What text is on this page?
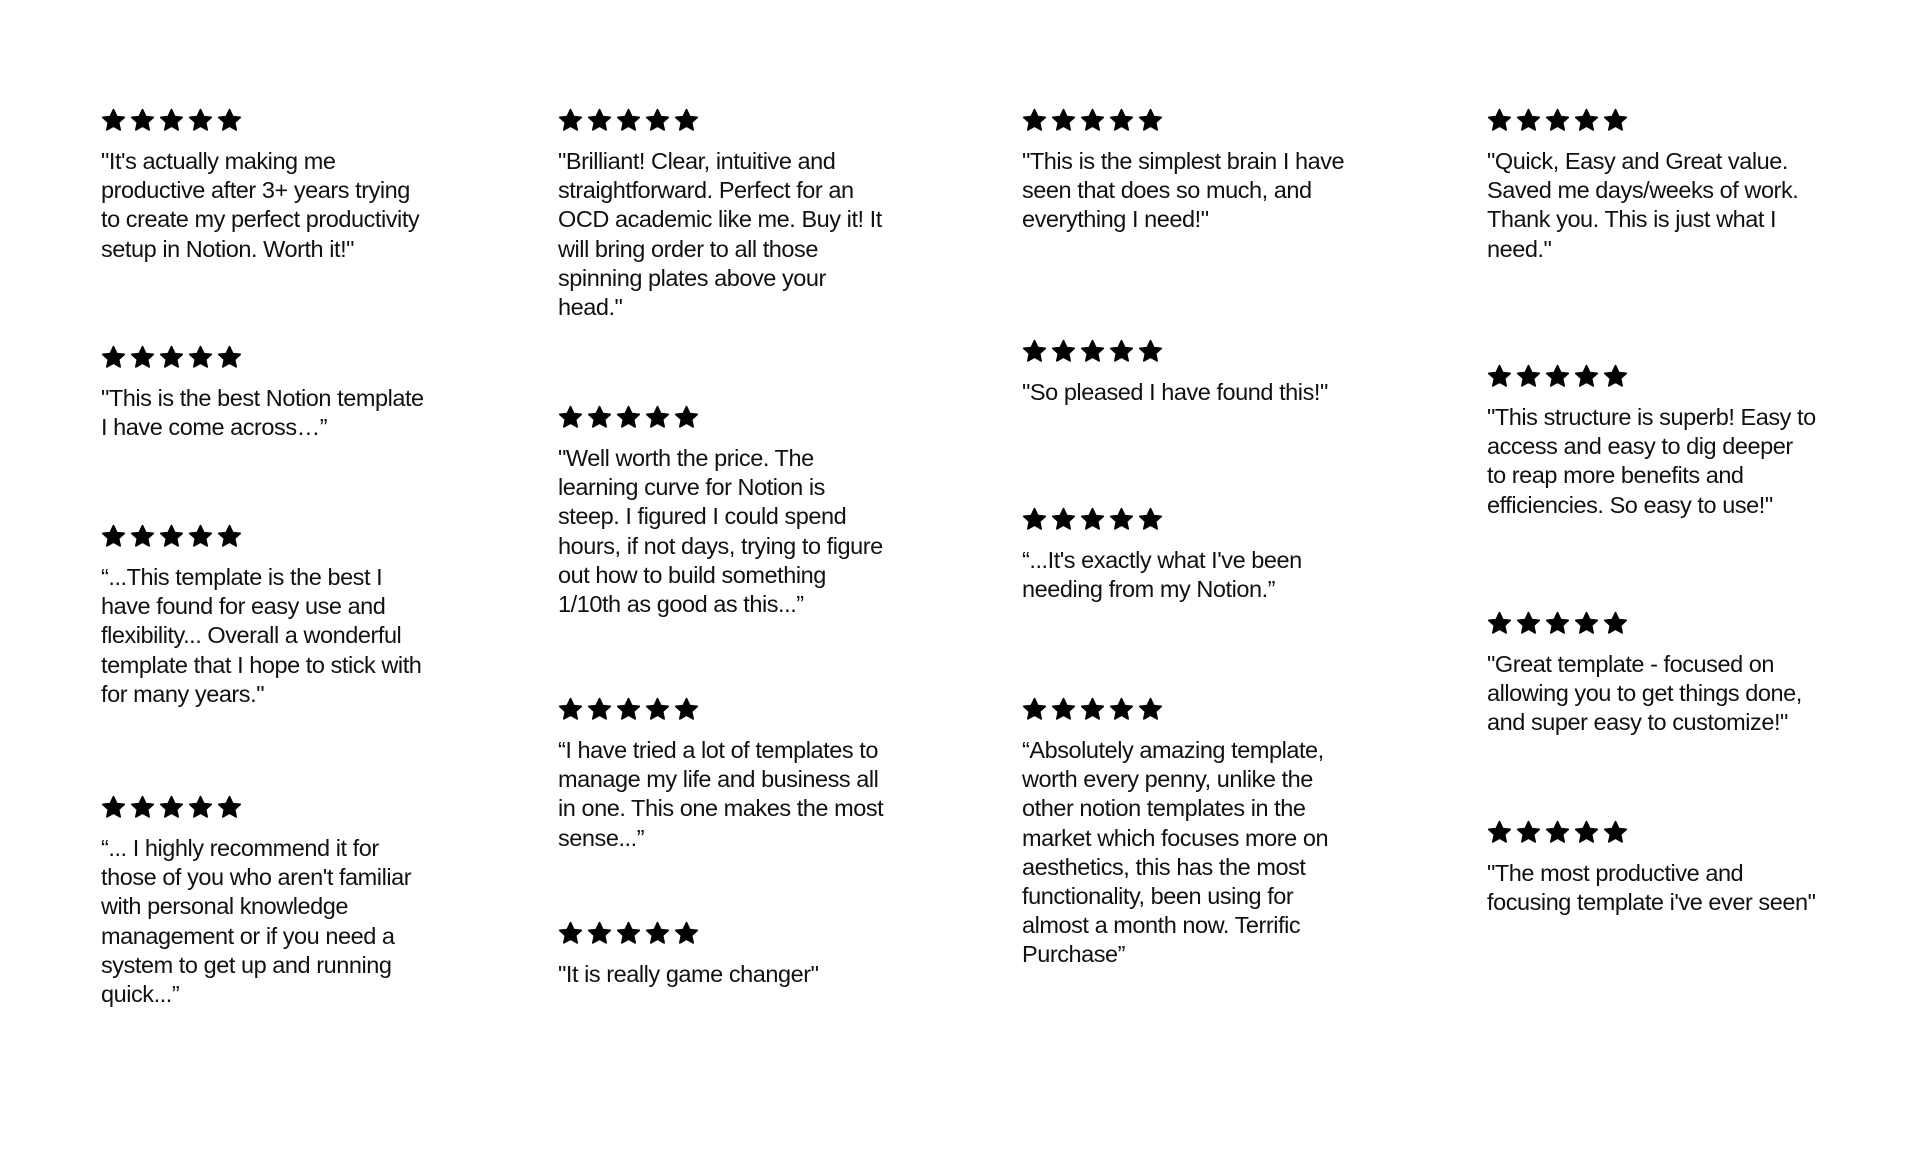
"It's actually making me
productive after 3+ years trying
to create my perfect productivity
setup in Notion. Worth it!"

"This is the best Notion template
I have come across…”

“...This template is the best I
have found for easy use and
flexibility... Overall a wonderful
template that I hope to stick with
for many years."

“... I highly recommend it for
those of you who aren't familiar
with personal knowledge
management or if you need a
system to get up and running
quick...”

"Brilliant! Clear, intuitive and
straightforward. Perfect for an
OCD academic like me. Buy it! It
will bring order to all those
spinning plates above your
head."

"Well worth the price. The
learning curve for Notion is
steep. I figured I could spend
hours, if not days, trying to figure
out how to build something
1/10th as good as this...”

“I have tried a lot of templates to
manage my life and business all
in one. This one makes the most
sense...”

"It is really game changer"

"This is the simplest brain I have
seen that does so much, and
everything I need!"

"So pleased I have found this!"

“...It's exactly what I've been
needing from my Notion.”

“Absolutely amazing template,
worth every penny, unlike the
other notion templates in the
market which focuses more on
aesthetics, this has the most
functionality, been using for
almost a month now. Terrific
Purchase”

"Quick, Easy and Great value.
Saved me days/weeks of work.
Thank you. This is just what I
need."

"This structure is superb! Easy to
access and easy to dig deeper
to reap more benefits and
efficiencies. So easy to use!"

"Great template - focused on
allowing you to get things done,
and super easy to customize!"

"The most productive and
focusing template i've ever seen"
